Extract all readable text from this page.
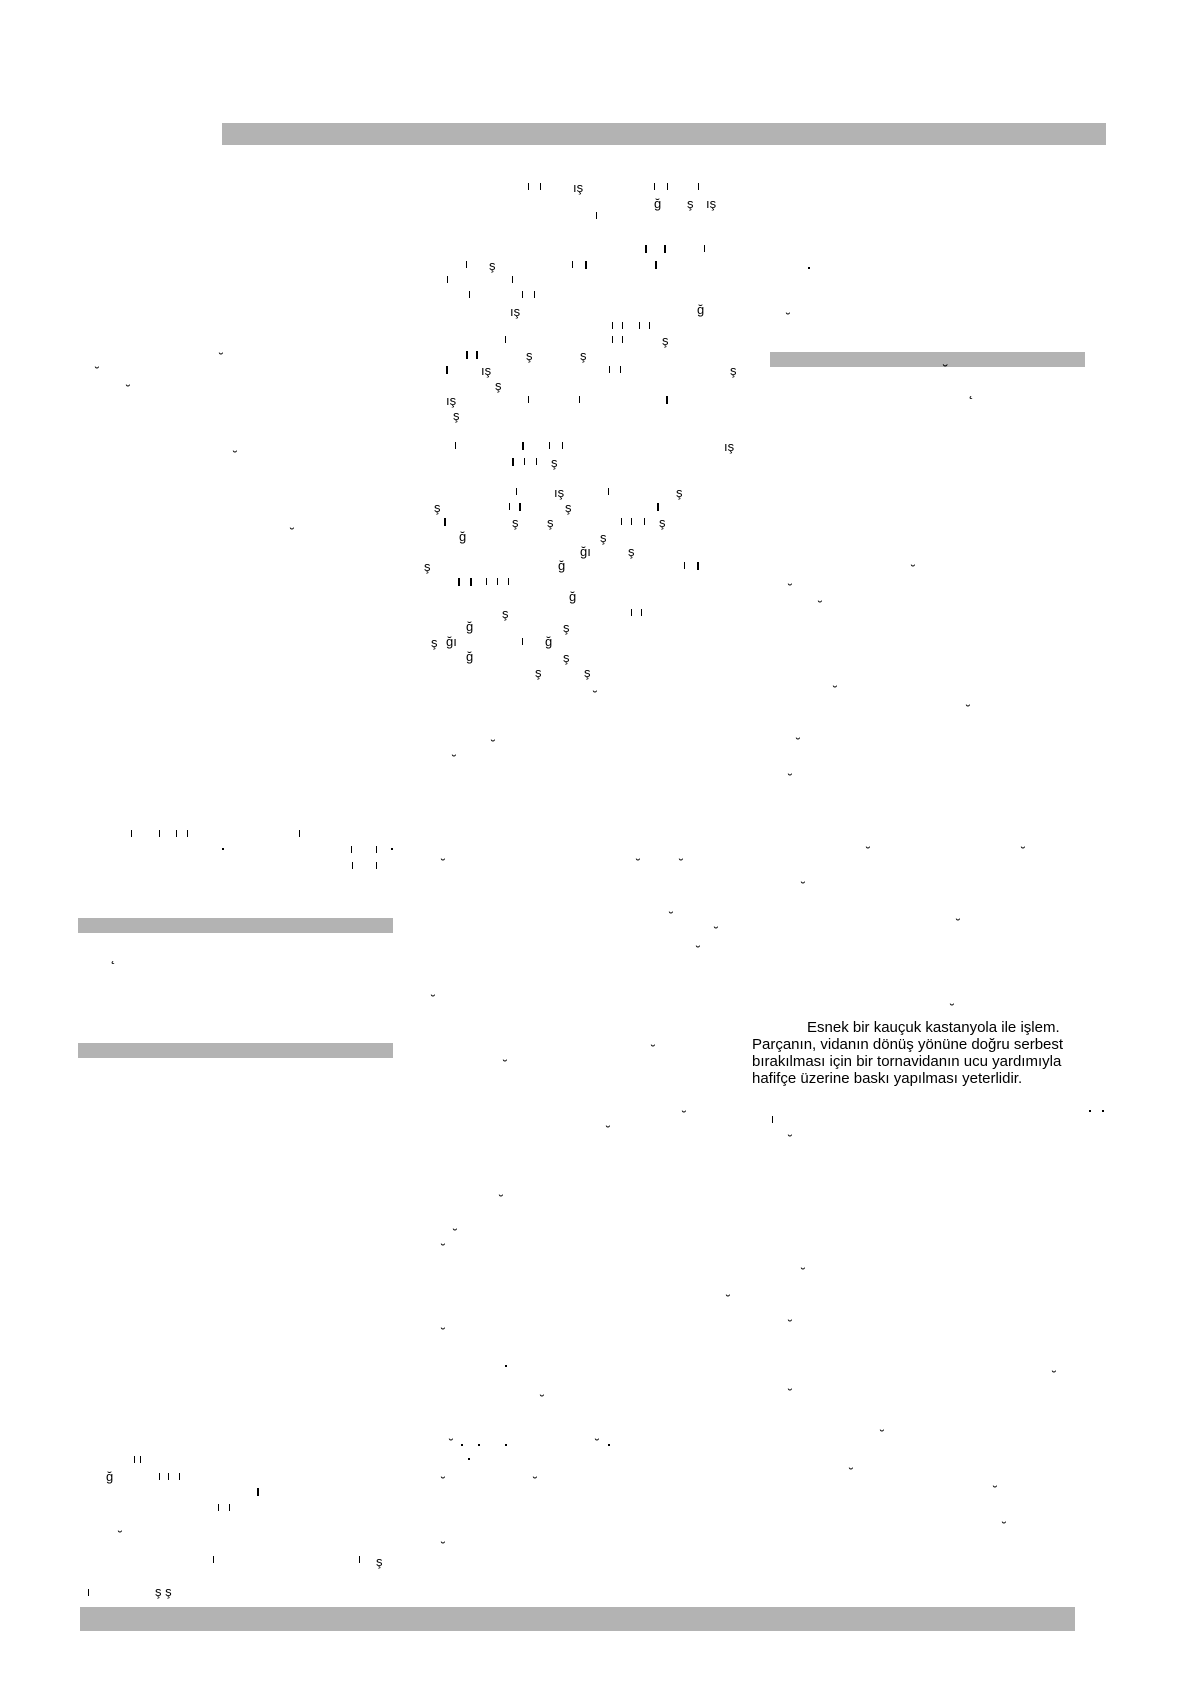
Esnek bir kauçuk kastanyola ile işlem.

Parçanın, vidanın dönüş yönüne doğru serbest

bırakılması için bir tornavidanın ucu yardımıyla

hafifçe üzerine baskı yapılması yeterlidir.

˘
˘
˘
˘
˘
˛
ğ
˘
ş
ş ş
ış
ğ ş ış
ş
ış	ğ
ş
ş	ş
ış	ş
ş
ış
ş
ış
ş
ış	ş
ş	ş
ş ş	ş
ğ	ş
ğı	ş
ş	ğ
ğ
ş
ğ	ş
ş ğı	ğ
ğ	ş
ş	ş
˘
˘
˘
˘	˘	˘
˘
˘
˘
˘
˘
˘
˘
˘
˘
˘
˘
˘
˘
˘
˘	˘
˘	˘
˘
˘
˘
˛
˘
˘
˘
˘
˘
˘
˘
˘	˘
˘
˘
˘
˘
˘
˘
˘
˘
˘
˘
˘
˘
